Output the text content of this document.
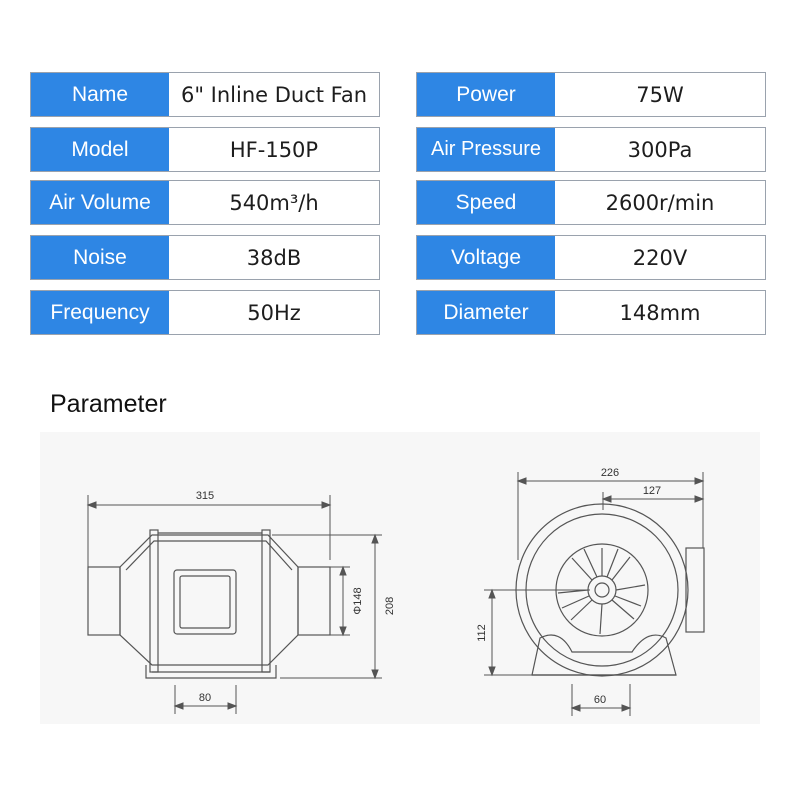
Name	6" Inline Duct Fan
Model	HF-150P
Air Volume	540m³/h
Noise	38dB
Frequency	50Hz
Power	75W
Air Pressure	300Pa
Speed	2600r/min
Voltage	220V
Diameter	148mm
Parameter
315
208
Φ148
80
226
127
112
60
